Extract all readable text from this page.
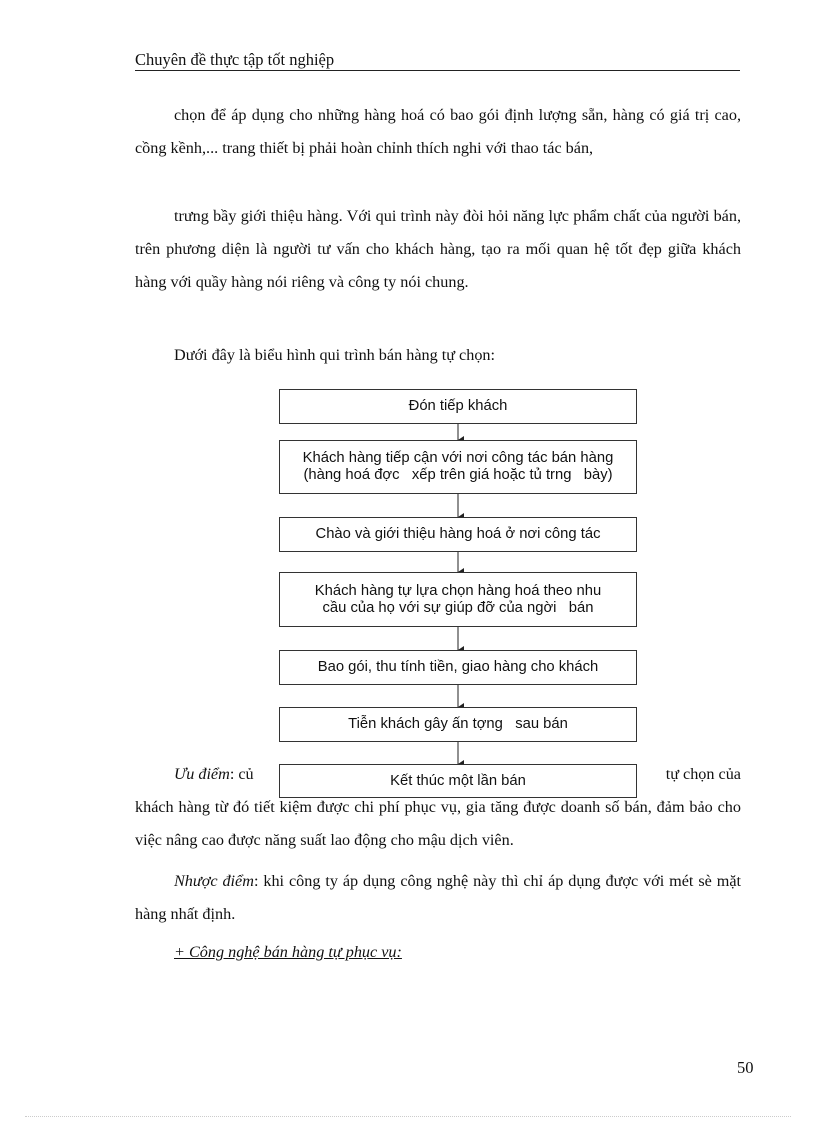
Chuyên đề thực tập tốt nghiệp

chọn để áp dụng cho những hàng hoá có bao gói định lượng sẵn, hàng có giá trị cao, cồng kềnh,... trang thiết bị phải hoàn chỉnh thích nghi với thao tác bán,

trưng bầy giới thiệu hàng. Với qui trình này đòi hỏi năng lực phẩm chất của người bán, trên phương diện là người tư vấn cho khách hàng, tạo ra mối quan hệ tốt đẹp giữa khách hàng với quầy hàng nói riêng và công ty nói chung.

Dưới đây là biểu hình qui trình bán hàng tự chọn:

Ưu điểm: củ	tự chọn của

khách hàng từ đó tiết kiệm được chi phí phục vụ, gia tăng được doanh số bán, đảm bảo cho việc nâng cao được năng suất lao động cho mậu dịch viên.

Nhược điểm: khi công ty áp dụng công nghệ này thì chỉ áp dụng được với mét sè mặt hàng nhất định.

+ Công nghệ bán hàng tự phục vụ:

Đón tiếp khách
Khách hàng tiếp cận với nơi công tác bán hàng
(hàng hoá đợc   xếp trên giá hoặc tủ trng   bày)
Chào và giới thiệu hàng hoá ở nơi công tác
Khách hàng tự lựa chọn hàng hoá theo nhu
cầu của họ với sự giúp đỡ của ngời   bán
Bao gói, thu tính tiền, giao hàng cho khách
Tiễn khách gây ấn tợng   sau bán
Kết thúc một lần bán
50
